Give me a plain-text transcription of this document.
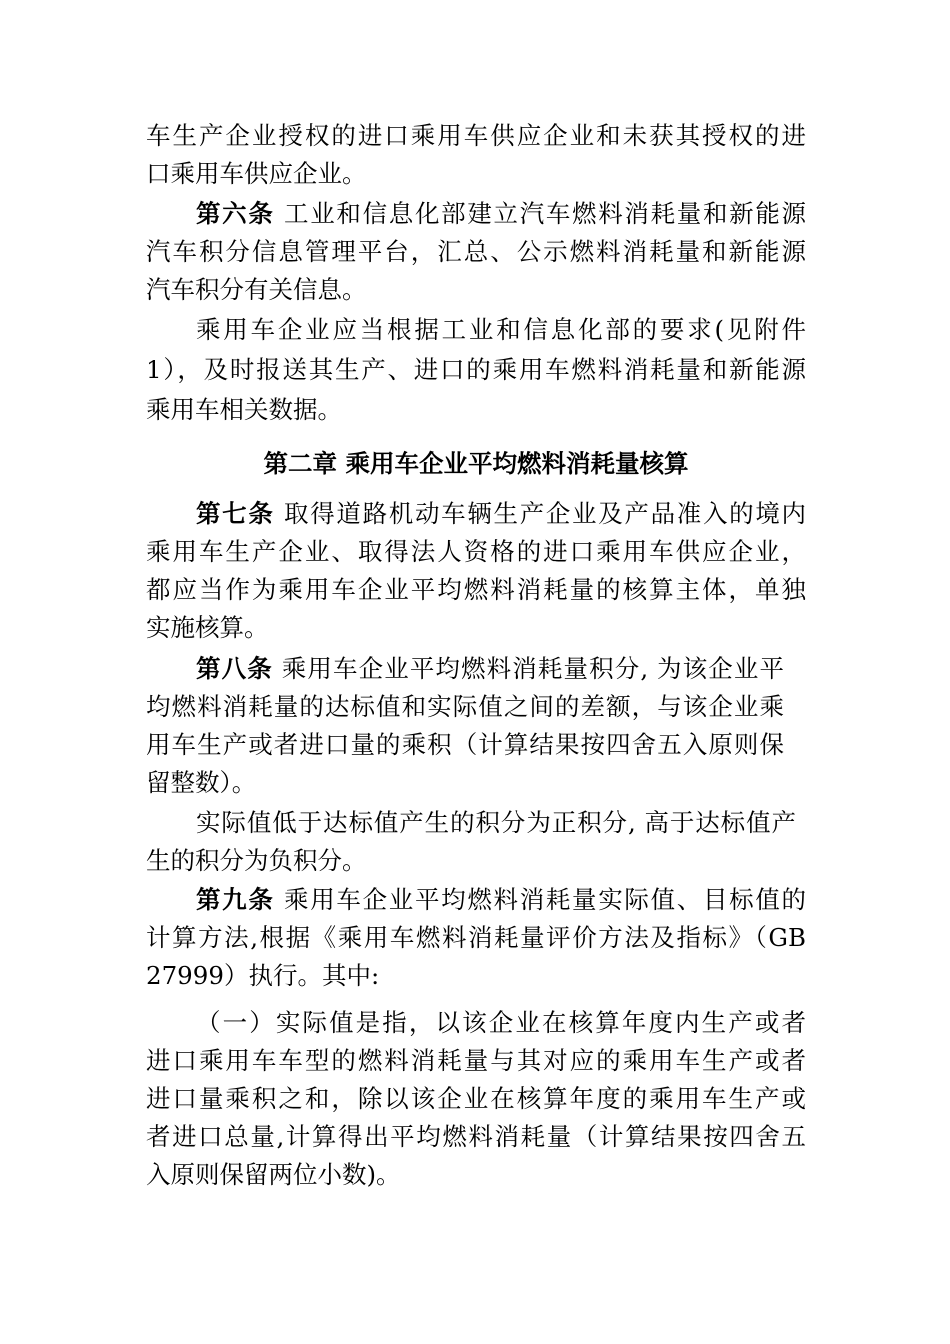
车生产企业授权的进口乘用车供应企业和未获其授权的进
口乘用车供应企业。
第六条 工业和信息化部建立汽车燃料消耗量和新能源
汽车积分信息管理平台，汇总、公示燃料消耗量和新能源
汽车积分有关信息。
乘用车企业应当根据工业和信息化部的要求(见附件
1），及时报送其生产、进口的乘用车燃料消耗量和新能源
乘用车相关数据。
第二章 乘用车企业平均燃料消耗量核算
第七条 取得道路机动车辆生产企业及产品准入的境内
乘用车生产企业、取得法人资格的进口乘用车供应企业，
都应当作为乘用车企业平均燃料消耗量的核算主体，单独
实施核算。
第八条 乘用车企业平均燃料消耗量积分, 为该企业平
均燃料消耗量的达标值和实际值之间的差额，与该企业乘
用车生产或者进口量的乘积（计算结果按四舍五入原则保
留整数）。
实际值低于达标值产生的积分为正积分, 高于达标值产
生的积分为负积分。
第九条 乘用车企业平均燃料消耗量实际值、目标值的
计算方法,根据《乘用车燃料消耗量评价方法及指标》（GB
27999）执行。其中:
（一）实际值是指，以该企业在核算年度内生产或者
进口乘用车车型的燃料消耗量与其对应的乘用车生产或者
进口量乘积之和，除以该企业在核算年度的乘用车生产或
者进口总量,计算得出平均燃料消耗量（计算结果按四舍五
入原则保留两位小数)。
